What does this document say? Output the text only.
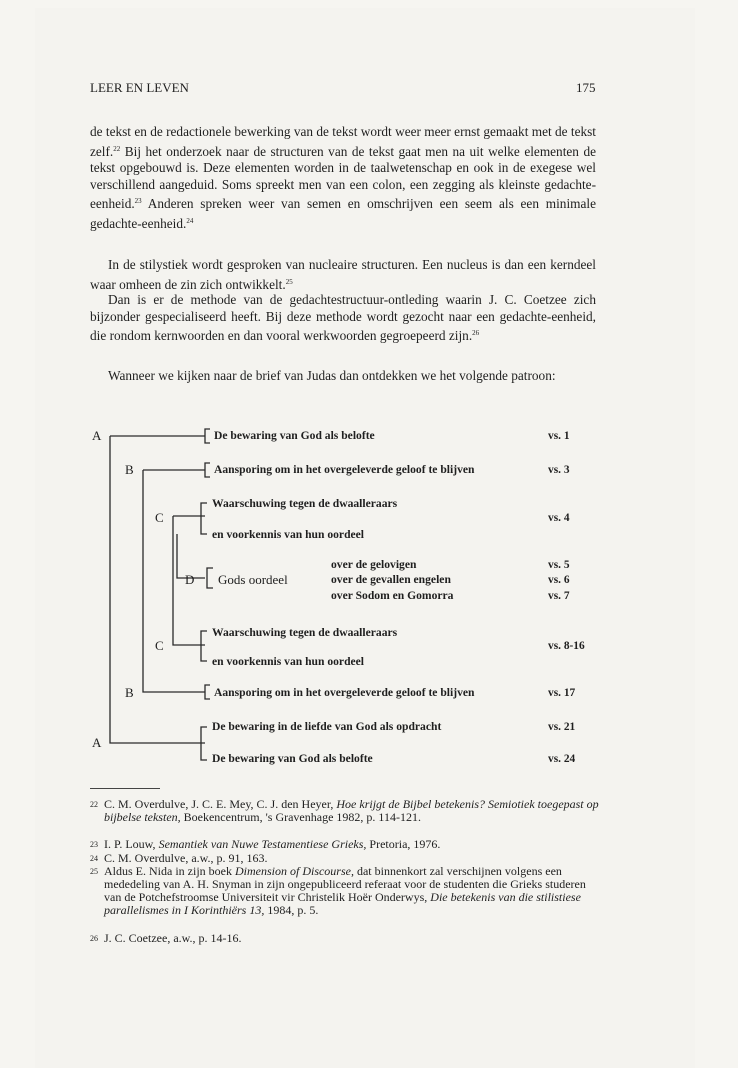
LEER EN LEVEN	175

de tekst en de redactionele bewerking van de tekst wordt weer meer ernst gemaakt met de tekst zelf.$^{22}$ Bij het onderzoek naar de structuren van de tekst gaat men na uit welke elementen de tekst opgebouwd is. Deze elementen worden in de taalwetenschap en ook in de exegese wel verschillend aangeduid. Soms spreekt men van een colon, een zegging als kleinste gedachte-eenheid.$^{23}$ Anderen spreken weer van semen en omschrijven een seem als een minimale gedachte-eenheid.$^{24}$

In de stilystiek wordt gesproken van nucleaire structuren. Een nucleus is dan een kerndeel waar omheen de zin zich ontwikkelt.$^{25}$

Dan is er de methode van de gedachtestructuur-ontleding waarin J. C. Coetzee zich bijzonder gespecialiseerd heeft. Bij deze methode wordt gezocht naar een gedachte-eenheid, die rondom kernwoorden en dan vooral werkwoorden gegroepeerd zijn.$^{26}$

Wanneer we kijken naar de brief van Judas dan ontdekken we het volgende patroon:

A
B
C
D
C
B
A
De bewaring van God als belofte	vs. 1
Aansporing om in het overgeleverde geloof te blijven	vs. 3
Waarschuwing tegen de dwaalleraars
en voorkennis van hun oordeel
vs. 4
Gods oordeel
over de gelovigen	vs. 5
over de gevallen engelen	vs. 6
over Sodom en Gomorra	vs. 7
Waarschuwing tegen de dwaalleraars
en voorkennis van hun oordeel
vs. 8-16
Aansporing om in het overgeleverde geloof te blijven	vs. 17
De bewaring in de liefde van God als opdracht	vs. 21
De bewaring van God als belofte	vs. 24
22 C. M. Overdulve, J. C. E. Mey, C. J. den Heyer, Hoe krijgt de Bijbel betekenis? Semiotiek toegepast op bijbelse teksten, Boekencentrum, 's Gravenhage 1982, p. 114-121.
23 I. P. Louw, Semantiek van Nuwe Testamentiese Grieks, Pretoria, 1976.
24 C. M. Overdulve, a.w., p. 91, 163.
25 Aldus E. Nida in zijn boek Dimension of Discourse, dat binnenkort zal verschijnen volgens een mededeling van A. H. Snyman in zijn ongepubliceerd referaat voor de studenten die Grieks studeren van de Potchefstroomse Universiteit vir Christelik Hoër Onderwys, Die betekenis van die stilistiese parallelismes in I Korinthiërs 13, 1984, p. 5.
26 J. C. Coetzee, a.w., p. 14-16.
